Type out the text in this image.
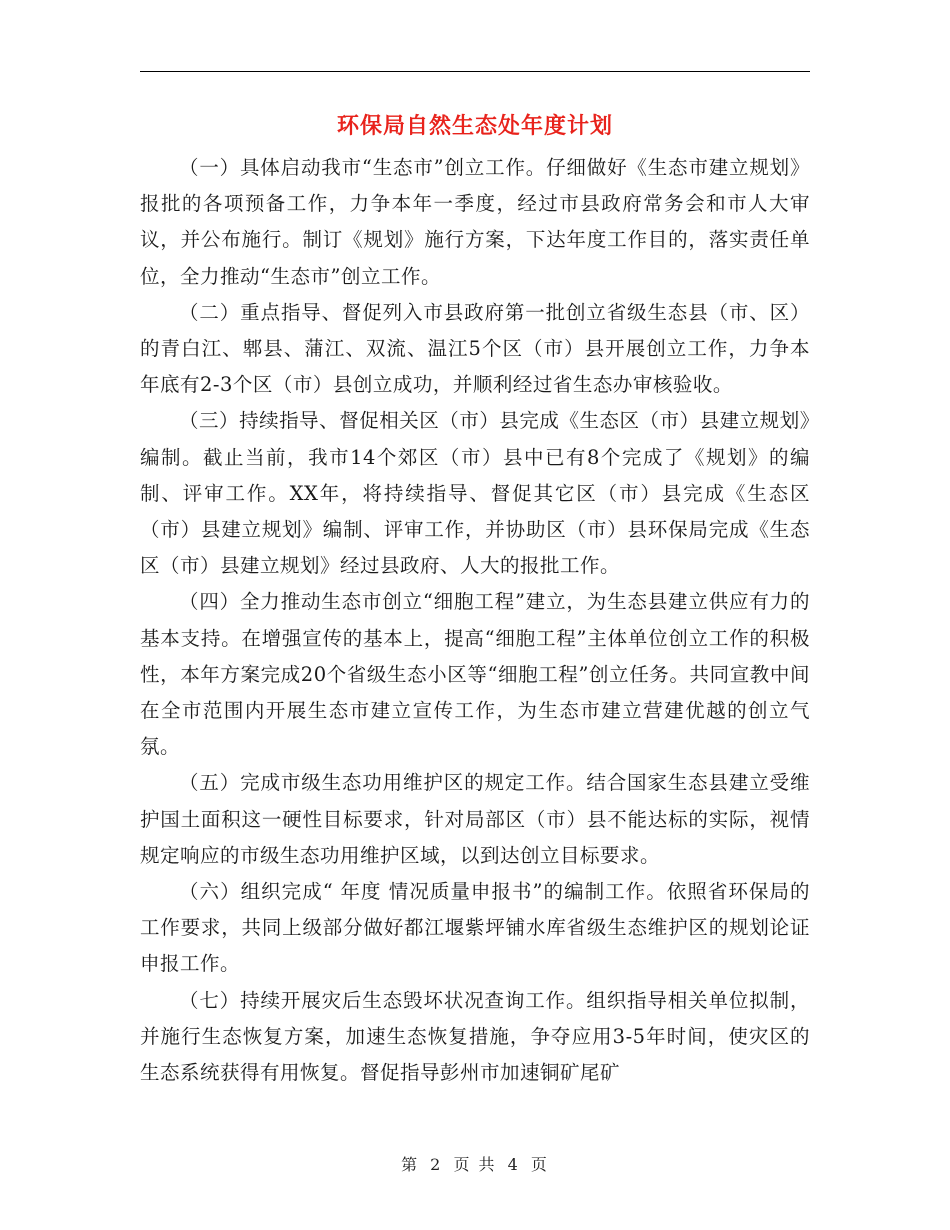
环保局自然生态处年度计划

（一）具体启动我市“生态市”创立工作。仔细做好《生态市建立规划》报批的各项预备工作，力争本年一季度，经过市县政府常务会和市人大审议，并公布施行。制订《规划》施行方案，下达年度工作目的，落实责任单位，全力推动“生态市”创立工作。

（二）重点指导、督促列入市县政府第一批创立省级生态县（市、区）的青白江、郫县、蒲江、双流、温江5个区（市）县开展创立工作，力争本年底有2-3个区（市）县创立成功，并顺利经过省生态办审核验收。

（三）持续指导、督促相关区（市）县完成《生态区（市）县建立规划》编制。截止当前，我市14个郊区（市）县中已有8个完成了《规划》的编制、评审工作。XX年，将持续指导、督促其它区（市）县完成《生态区（市）县建立规划》编制、评审工作，并协助区（市）县环保局完成《生态区（市）县建立规划》经过县政府、人大的报批工作。

（四）全力推动生态市创立“细胞工程”建立，为生态县建立供应有力的基本支持。在增强宣传的基本上，提高“细胞工程”主体单位创立工作的积极性，本年方案完成20个省级生态小区等“细胞工程”创立任务。共同宣教中间在全市范围内开展生态市建立宣传工作，为生态市建立营建优越的创立气氛。

（五）完成市级生态功用维护区的规定工作。结合国家生态县建立受维护国土面积这一硬性目标要求，针对局部区（市）县不能达标的实际，视情规定响应的市级生态功用维护区域，以到达创立目标要求。

（六）组织完成“ 年度 情况质量申报书”的编制工作。依照省环保局的工作要求，共同上级部分做好都江堰紫坪铺水库省级生态维护区的规划论证申报工作。

（七）持续开展灾后生态毁坏状况查询工作。组织指导相关单位拟制，并施行生态恢复方案，加速生态恢复措施，争夺应用3-5年时间，使灾区的生态系统获得有用恢复。督促指导彭州市加速铜矿尾矿

第 2 页 共 4 页
